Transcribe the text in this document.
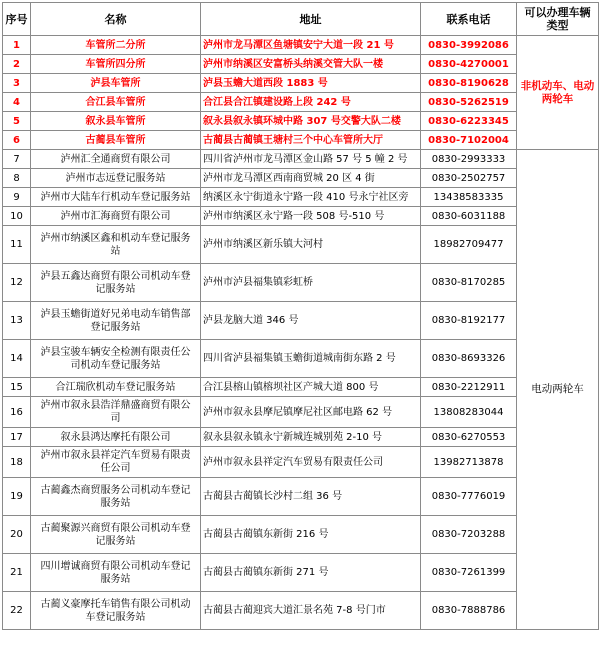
序号	名称	地址	联系电话	可以办理车辆
类型
1	车管所二分所	泸州市龙马潭区鱼塘镇安宁大道一段 21 号	0830-3992086	非机动车、电动
两轮车
2	车管所四分所	泸州市纳溪区安富桥头纳溪交管大队一楼	0830-4270001	
3	泸县车管所	泸县玉蟾大道西段 1883 号	0830-8190628	
4	合江县车管所	合江县合江镇建设路上段 242 号	0830-5262519	
5	叙永县车管所	叙永县叙永镇环城中路 307 号交警大队二楼	0830-6223345	
6	古蔺县车管所	古蔺县古蔺镇王塘村三个中心车管所大厅	0830-7102004	
7	泸州汇全通商贸有限公司	四川省泸州市龙马潭区金山路 57 号 5 幢 2 号	0830-2993333	电动两轮车
8	泸州市志远登记服务站	泸州市龙马潭区西南商贸城 20 区 4 街	0830-2502757	
9	泸州市大陆车行机动车登记服务站	纳溪区永宁街道永宁路一段 410 号永宁社区旁	13438583335	
10	泸州市汇海商贸有限公司	泸州市纳溪区永宁路一段 508 号-510 号	0830-6031188	
11	泸州市纳溪区鑫和机动车登记服务
站	泸州市纳溪区新乐镇大河村	18982709477	
12	泸县五鑫达商贸有限公司机动车登
记服务站	泸州市泸县福集镇彩虹桥	0830-8170285	
13	泸县玉蟾街道好兄弟电动车销售部
登记服务站	泸县龙脑大道 346 号	0830-8192177	
14	泸县宝骏车辆安全检测有限责任公
司机动车登记服务站	四川省泸县福集镇玉蟾街道城南街东路 2 号	0830-8693326	
15	合江瑞欣机动车登记服务站	合江县榕山镇榕坝社区产城大道 800 号	0830-2212911	
16	泸州市叙永县浩洋鼎盛商贸有限公
司	泸州市叙永县摩尼镇摩尼社区邮电路 62 号	13808283044	
17	叙永县鸿达摩托有限公司	叙永县叙永镇永宁新城连城别苑 2-10 号	0830-6270553	
18	泸州市叙永县祥定汽车贸易有限责
任公司	泸州市叙永县祥定汽车贸易有限责任公司	13982713878	
19	古蔺鑫杰商贸服务公司机动车登记
服务站	古蔺县古蔺镇长沙村二组 36 号	0830-7776019	
20	古蔺聚源兴商贸有限公司机动车登
记服务站	古蔺县古蔺镇东新街 216 号	0830-7203288	
21	四川增诚商贸有限公司机动车登记
服务站	古蔺县古蔺镇东新街 271 号	0830-7261399	
22	古蔺义豪摩托车销售有限公司机动
车登记服务站	古蔺县古蔺迎宾大道汇景名苑 7-8 号门市	0830-7888786	
